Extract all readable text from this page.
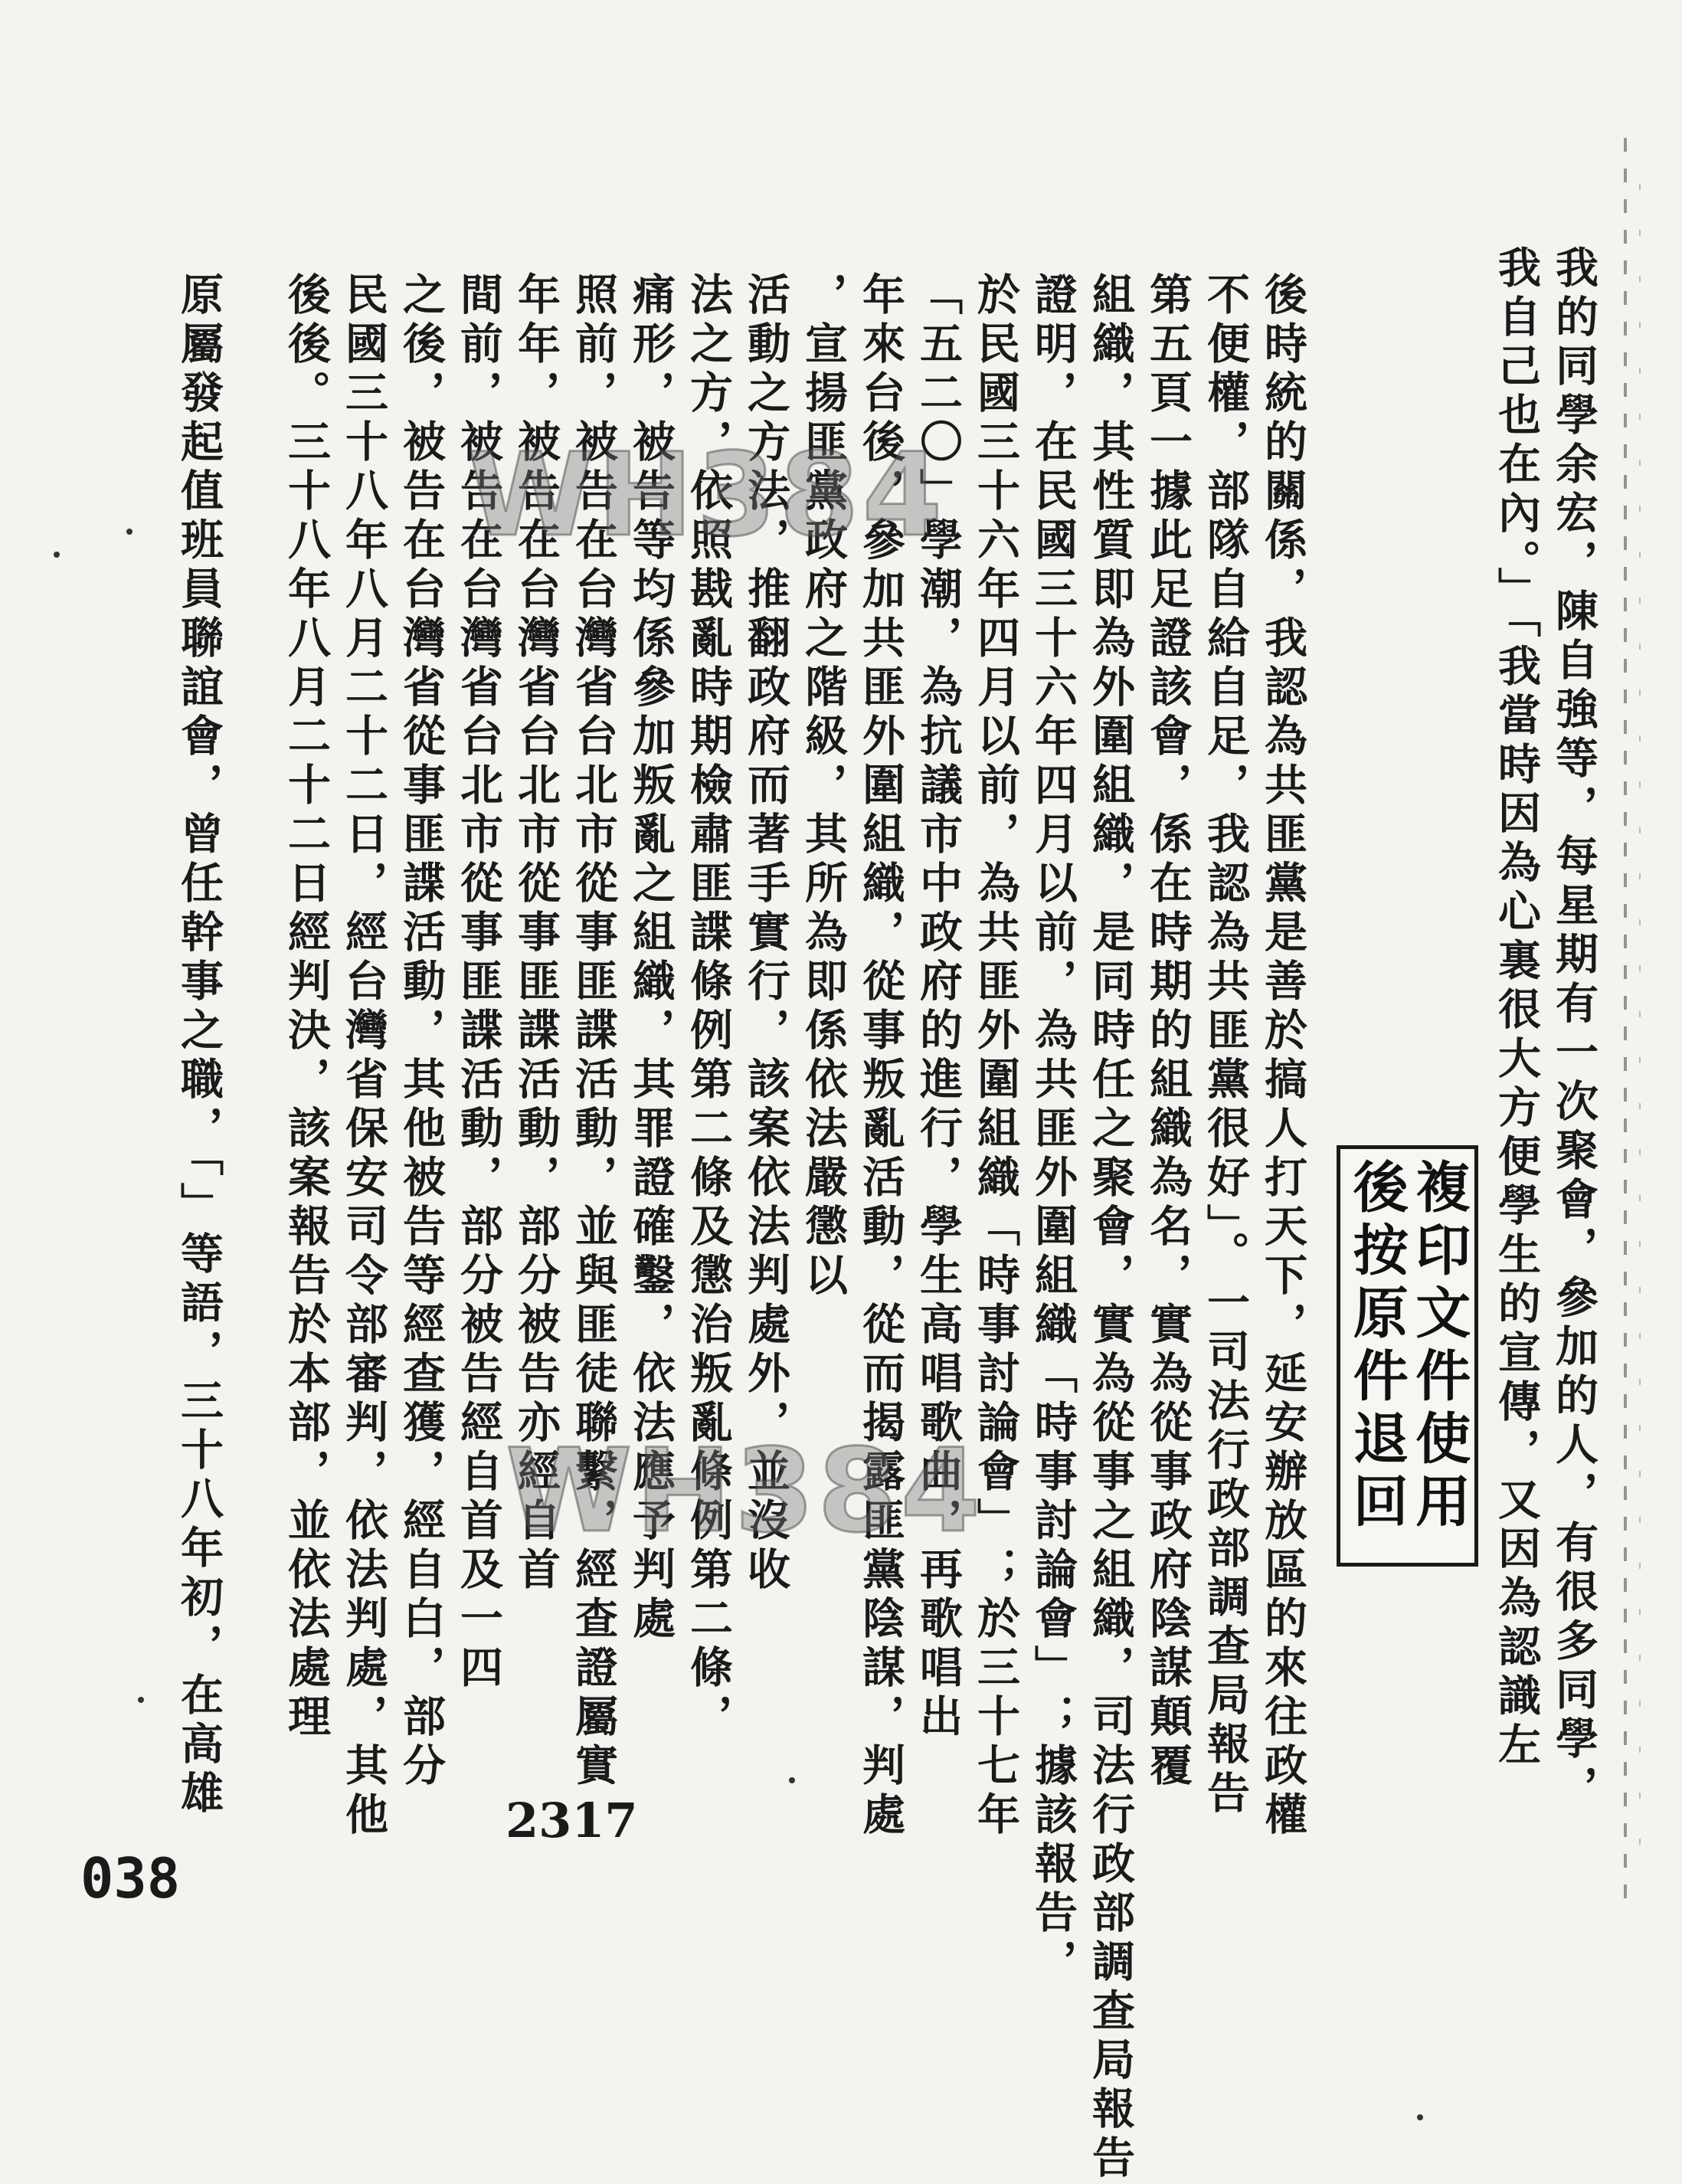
後時統的關係，我認為共匪黨是善於搞人打天下，延安辦放區的來往政權
不便權，部隊自給自足，我認為共匪黨很好」。一司法行政部調查局報告
第五頁一據此足證該會，係在時期的組織為名，實為從事政府陰謀顛覆
組織，其性質即為外圍組織，是同時任之聚會，實為從事之組織，司法行政部調查局報告
證明，在民國三十六年四月以前，為共匪外圍組織「時事討論會」；據該報告，
於民國三十六年四月以前，為共匪外圍組織「時事討論會」；於三十七年
「五二〇」學潮，為抗議市中政府的進行，學生高唱歌曲，再歌唱出
年來台後，參加共匪外圍組織，從事叛亂活動，從而揭露匪黨陰謀，判處
，宣揚匪黨政府之階級，其所為即係依法嚴懲以
活動之方法，推翻政府而著手實行，該案依法判處外，並沒收
法之方，依照戡亂時期檢肅匪諜條例第二條及懲治叛亂條例第二條，
痛形，被告等均係參加叛亂之組織，其罪證確鑿，依法應予判處
照前，被告在台灣省台北市從事匪諜活動，並與匪徒聯繫，經查證屬實
年年，被告在台灣省台北市從事匪諜活動，部分被告亦經自首
間前，被告在台灣省台北市從事匪諜活動，部分被告經自首及一四
之後，被告在台灣省從事匪諜活動，其他被告等經查獲，經自白，部分
民國三十八年八月二十二日，經台灣省保安司令部審判，依法判處，其他
後後。三十八年八月二十二日經判決，該案報告於本部，並依法處理
原屬發起值班員聯誼會，曾任幹事之職，「」等語，三十八年初，在高雄	我的同學余宏，陳自強等，每星期有一次聚會，參加的人，有很多同學，
我自己也在內。」「我當時因為心裏很大方便學生的宣傳，又因為認識左
複印文件使用
後按原件退回
WH384
WH384
038
2317
